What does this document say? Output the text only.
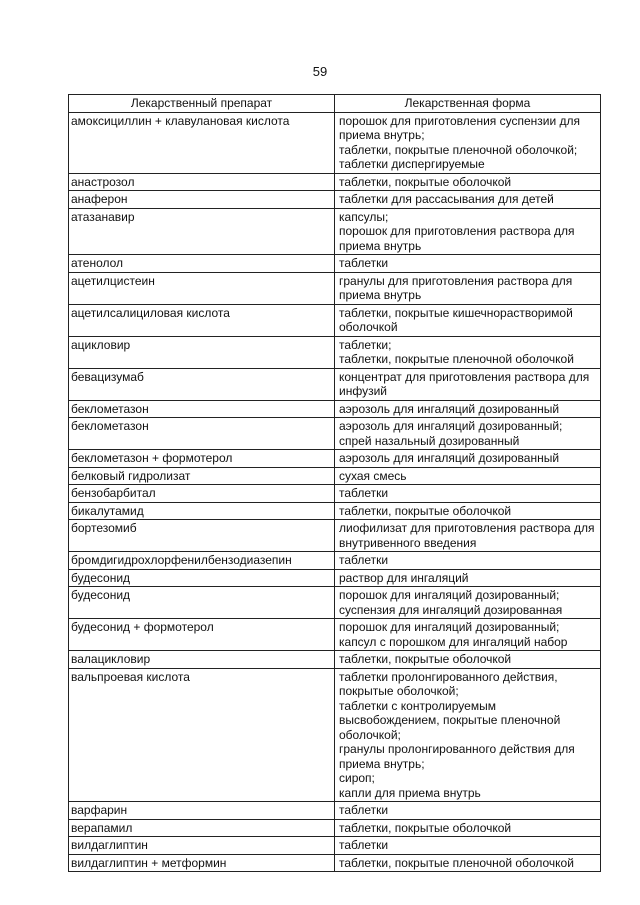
59
Лекарственный препарат	Лекарственная форма
амоксициллин + клавулановая кислота	порошок для приготовления суспензии для приема внутрь;
таблетки, покрытые пленочной оболочкой;
таблетки диспергируемые

анастрозол	таблетки, покрытые оболочкой

анаферон	таблетки для рассасывания для детей

атазанавир	капсулы;
порошок для приготовления раствора для приема внутрь

атенолол	таблетки

ацетилцистеин	гранулы для приготовления раствора для приема внутрь

ацетилсалициловая кислота	таблетки, покрытые кишечнорастворимой оболочкой

ацикловир	таблетки;
таблетки, покрытые пленочной оболочкой

бевацизумаб	концентрат для приготовления раствора для инфузий

беклометазон	аэрозоль для ингаляций дозированный

беклометазон	аэрозоль для ингаляций дозированный;
спрей назальный дозированный

беклометазон + формотерол	аэрозоль для ингаляций дозированный

белковый гидролизат	сухая смесь

бензобарбитал	таблетки

бикалутамид	таблетки, покрытые оболочкой

бортезомиб	лиофилизат для приготовления раствора для внутривенного введения

бромдигидрохлорфенилбензодиазепин	таблетки

будесонид	раствор для ингаляций

будесонид	порошок для ингаляций дозированный;
суспензия для ингаляций дозированная

будесонид + формотерол	порошок для ингаляций дозированный;
капсул с порошком для ингаляций набор

валацикловир	таблетки, покрытые оболочкой

вальпроевая кислота	таблетки пролонгированного действия, покрытые оболочкой;
таблетки с контролируемым высвобождением, покрытые пленочной оболочкой;
гранулы пролонгированного действия для приема внутрь;
сироп;
капли для приема внутрь

варфарин	таблетки

верапамил	таблетки, покрытые оболочкой

вилдаглиптин	таблетки

вилдаглиптин + метформин	таблетки, покрытые пленочной оболочкой
